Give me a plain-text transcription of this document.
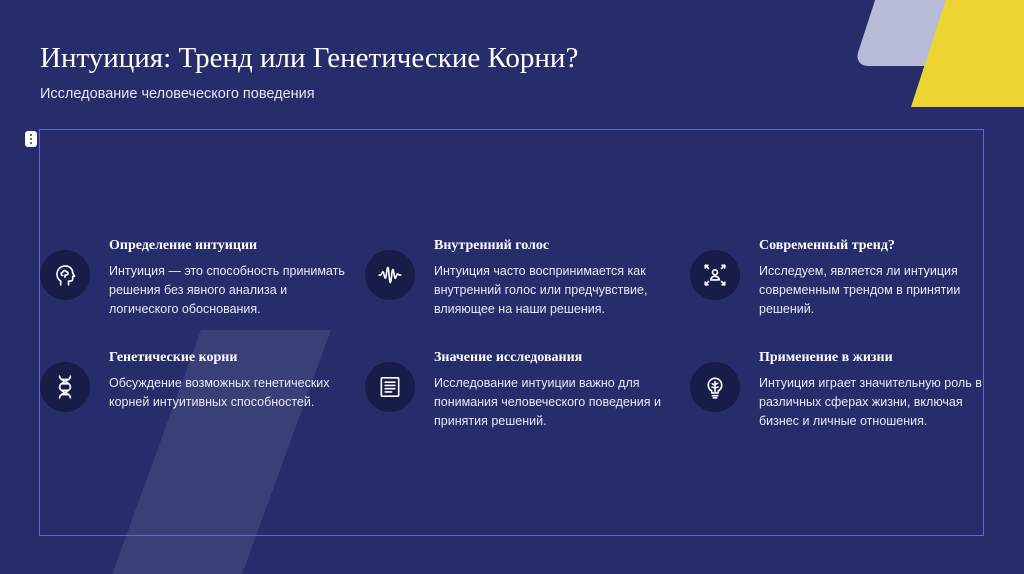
Интуиция: Тренд или Генетические Корни?
Исследование человеческого поведения
Определение интуиции
Интуиция — это способность принимать решения без явного анализа и логического обоснования.
Внутренний голос
Интуиция часто воспринимается как внутренний голос или предчувствие, влияющее на наши решения.
Современный тренд?
Исследуем, является ли интуиция современным трендом в принятии решений.
Генетические корни
Обсуждение возможных генетических корней интуитивных способностей.
Значение исследования
Исследование интуиции важно для понимания человеческого поведения и принятия решений.
Применение в жизни
Интуиция играет значительную роль в различных сферах жизни, включая бизнес и личные отношения.
